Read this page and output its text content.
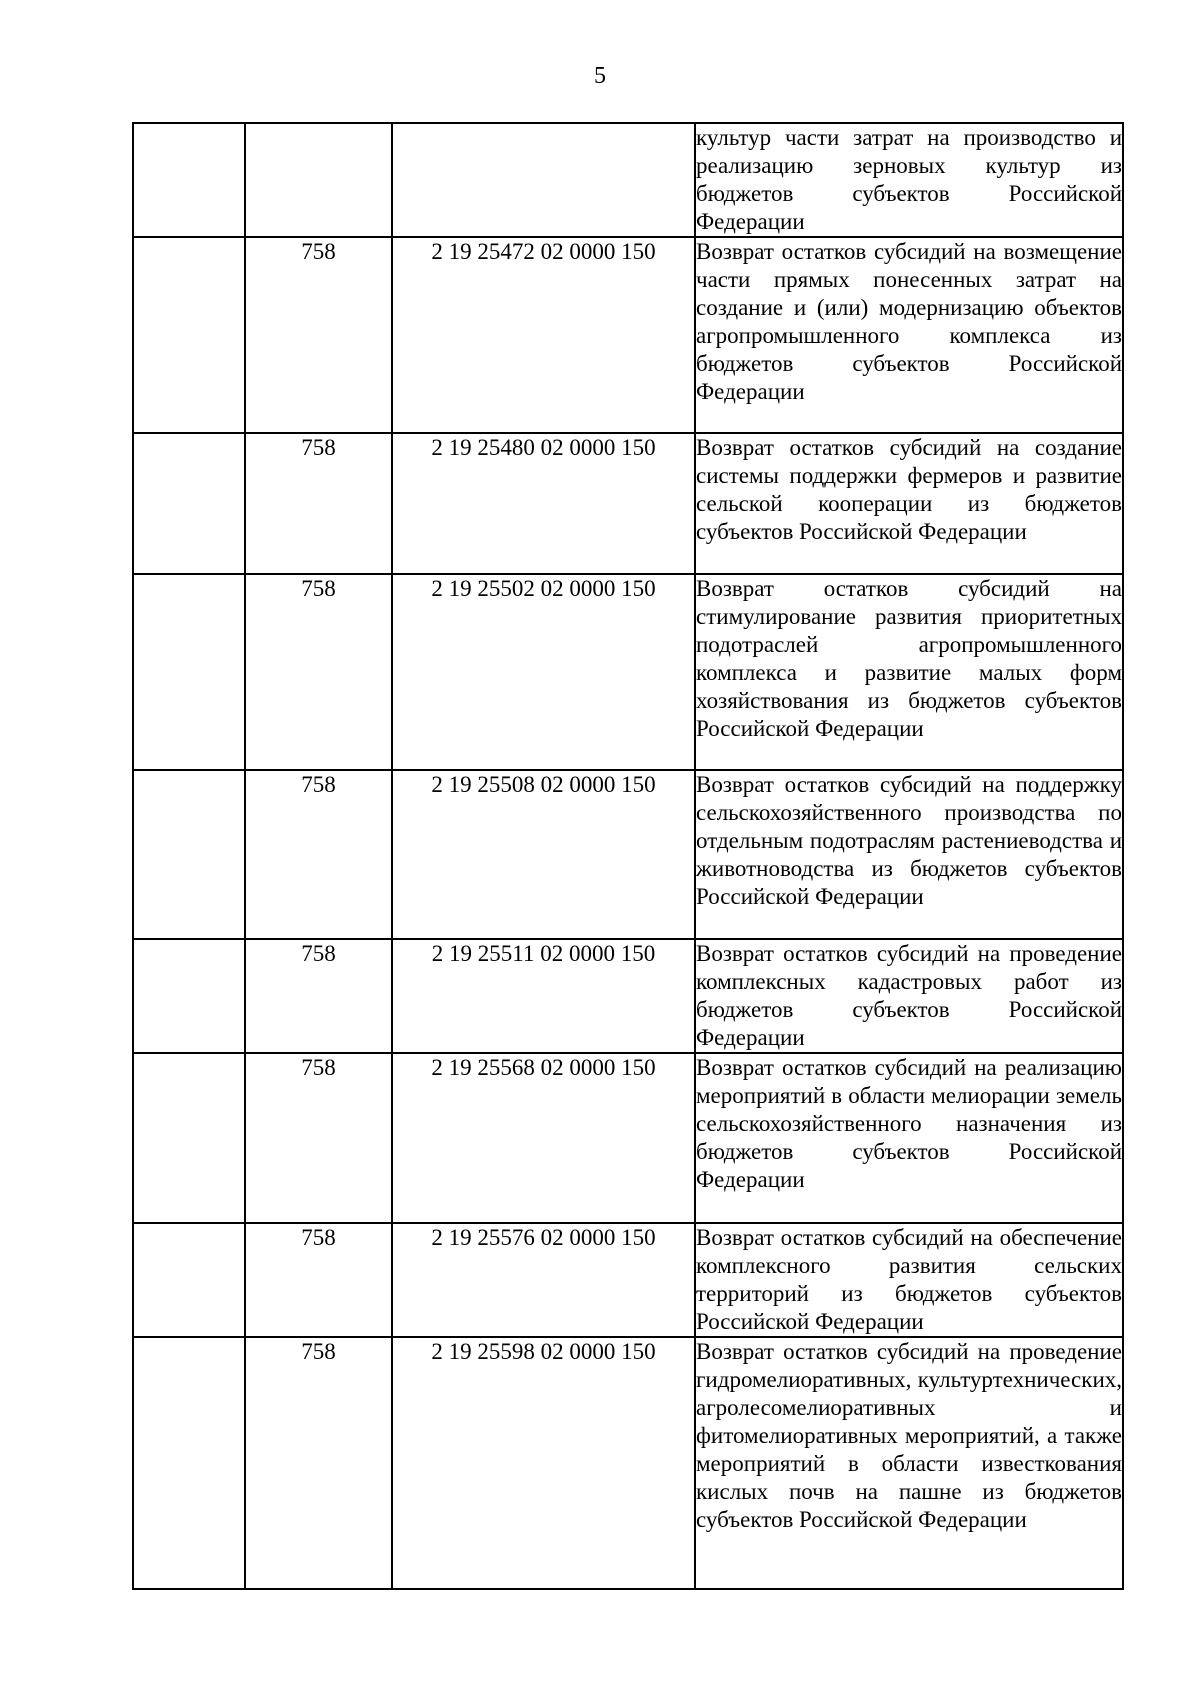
5
			культур части затрат на производство и реализацию зерновых культур из бюджетов субъектов Российской Федерации
	758	2 19 25472 02 0000 150	Возврат остатков субсидий на возмещение части прямых понесенных затрат на создание и (или) модернизацию объектов агропромышленного комплекса из бюджетов субъектов Российской Федерации
	758	2 19 25480 02 0000 150	Возврат остатков субсидий на создание системы поддержки фермеров и развитие сельской кооперации из бюджетов субъектов Российской Федерации
	758	2 19 25502 02 0000 150	Возврат остатков субсидий на стимулирование развития приоритетных подотраслей агропромышленного комплекса и развитие малых форм хозяйствования из бюджетов субъектов Российской Федерации
	758	2 19 25508 02 0000 150	Возврат остатков субсидий на поддержку сельскохозяйственного производства по отдельным подотраслям растениеводства и животноводства из бюджетов субъектов Российской Федерации
	758	2 19 25511 02 0000 150	Возврат остатков субсидий на проведение комплексных кадастровых работ из бюджетов субъектов Российской Федерации
	758	2 19 25568 02 0000 150	Возврат остатков субсидий на реализацию мероприятий в области мелиорации земель сельскохозяйственного назначения из бюджетов субъектов Российской Федерации
	758	2 19 25576 02 0000 150	Возврат остатков субсидий на обеспечение комплексного развития сельских территорий из бюджетов субъектов Российской Федерации
	758	2 19 25598 02 0000 150	Возврат остатков субсидий на проведение гидромелиоративных, культуртехнических, агролесомелиоративных и фитомелиоративных мероприятий, а также мероприятий в области известкования кислых почв на пашне из бюджетов субъектов Российской Федерации
